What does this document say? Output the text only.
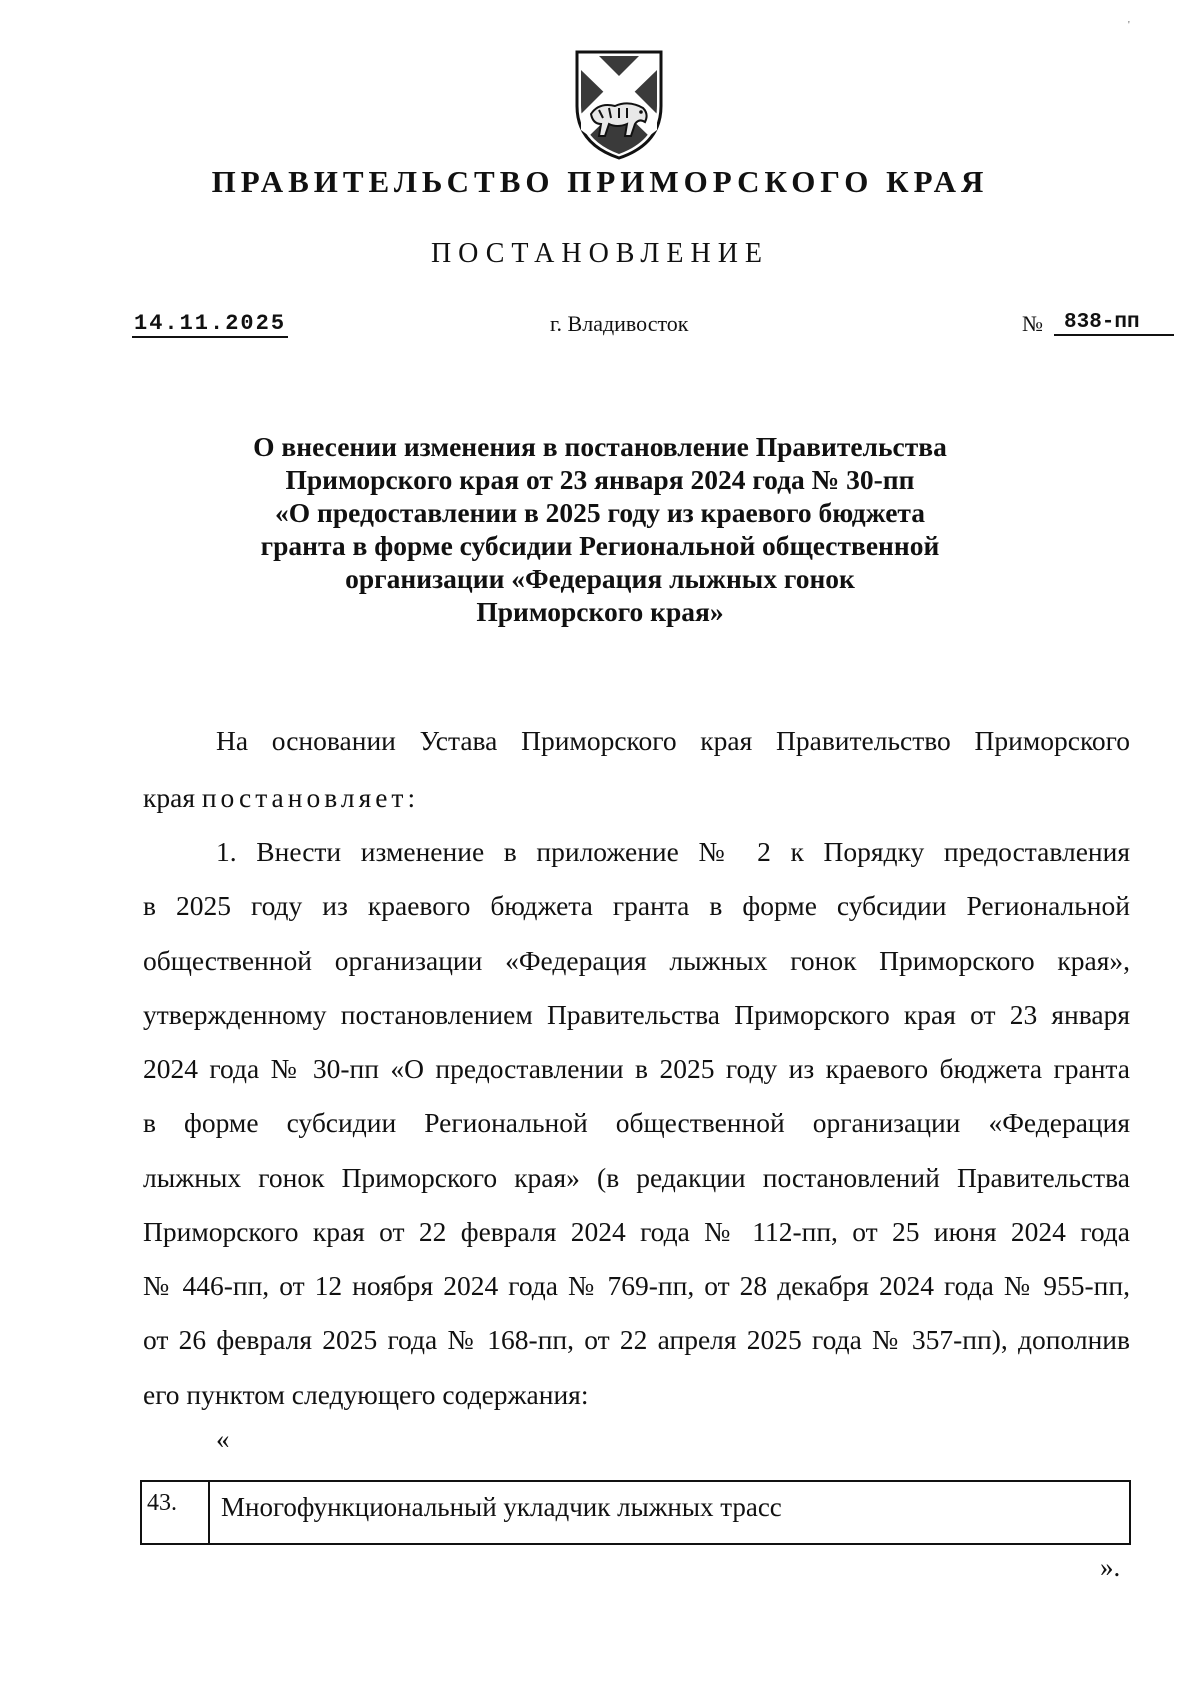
'
ПРАВИТЕЛЬСТВО ПРИМОРСКОГО КРАЯ
ПОСТАНОВЛЕНИЕ
14.11.2025	г. Владивосток	№	838-пп
О внесении изменения в постановление Правительства
Приморского края от 23 января 2024 года № 30-пп
«О предоставлении в 2025 году из краевого бюджета
гранта в форме субсидии Региональной общественной
организации «Федерация лыжных гонок
Приморского края»
На основании Устава Приморского края Правительство Приморского
края постановляет:
1. Внести изменение в приложение № 2 к Порядку предоставления
в 2025 году из краевого бюджета гранта в форме субсидии Региональной
общественной организации «Федерация лыжных гонок Приморского края»,
утвержденному постановлением Правительства Приморского края от 23 января
2024 года № 30-пп «О предоставлении в 2025 году из краевого бюджета гранта
в форме субсидии Региональной общественной организации «Федерация
лыжных гонок Приморского края» (в редакции постановлений Правительства
Приморского края от 22 февраля 2024 года № 112-пп, от 25 июня 2024 года
№ 446-пп, от 12 ноября 2024 года № 769-пп, от 28 декабря 2024 года № 955-пп,
от 26 февраля 2025 года № 168-пп, от 22 апреля 2025 года № 357-пп), дополнив
его пунктом следующего содержания:
«
43.	Многофункциональный укладчик лыжных трасс
».
